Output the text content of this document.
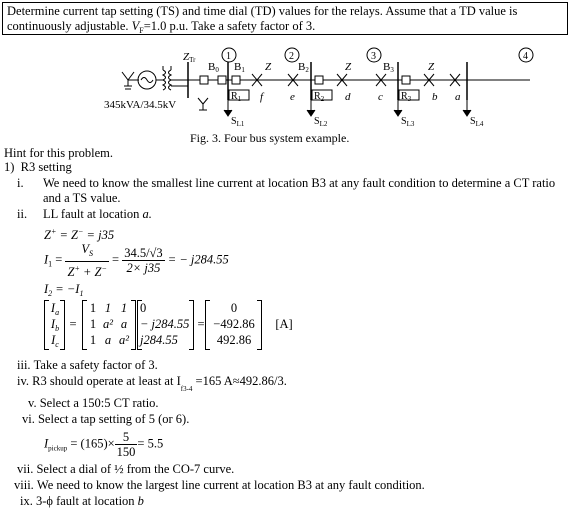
Determine current tap setting (TS) and time dial (TD) values for the relays. Assume that a TD value is
continuously adjustable. $V_F=1.0$ p.u. Take a safety factor of 3.
ZTr
B0 B1	B2	B3
Z	Z	Z
1	2	3	4
$R_1$	$R_2$	$R_3$
f e	d	c	b a
$S_{L1}$	$S_{L2}$	$S_{L3}$	$S_{L4}$
345kVA/34.5kV
Fig. 3. Four bus system example.
Hint for this problem.
1) R3 setting
i. We need to know the smallest line current at location B3 at any fault condition to determine a CT ratio
and a TS value.
ii. LL fault at location a.
Z+ = Z− = j35
$I_1 = \frac{V_S}{Z^+ + Z^-} = \frac{34.5/√3}{2\times j35}$ = − j284.55
$I_2 = -I_1$
$I_a$
$I_b$
$I_c$
=
1 1 1
1 a² a
1 a a²
0
− j284.55
j284.55
=
0
−492.86
492.86
[A]
iii. Take a safety factor of 3.
iv. R3 should operate at least at $I_{f3-4} =165$ A≈492.86/3.
v. Select a 150:5 CT ratio.
vi. Select a tap setting of 5 (or 6).
$I_{pickup} = (165)\times \frac{5}{150} = 5.5$
vii. Select a dial of ½ from the CO-7 curve.
viii. We need to know the largest line current at location B3 at any fault condition.
ix. 3-ϕ fault at location b
